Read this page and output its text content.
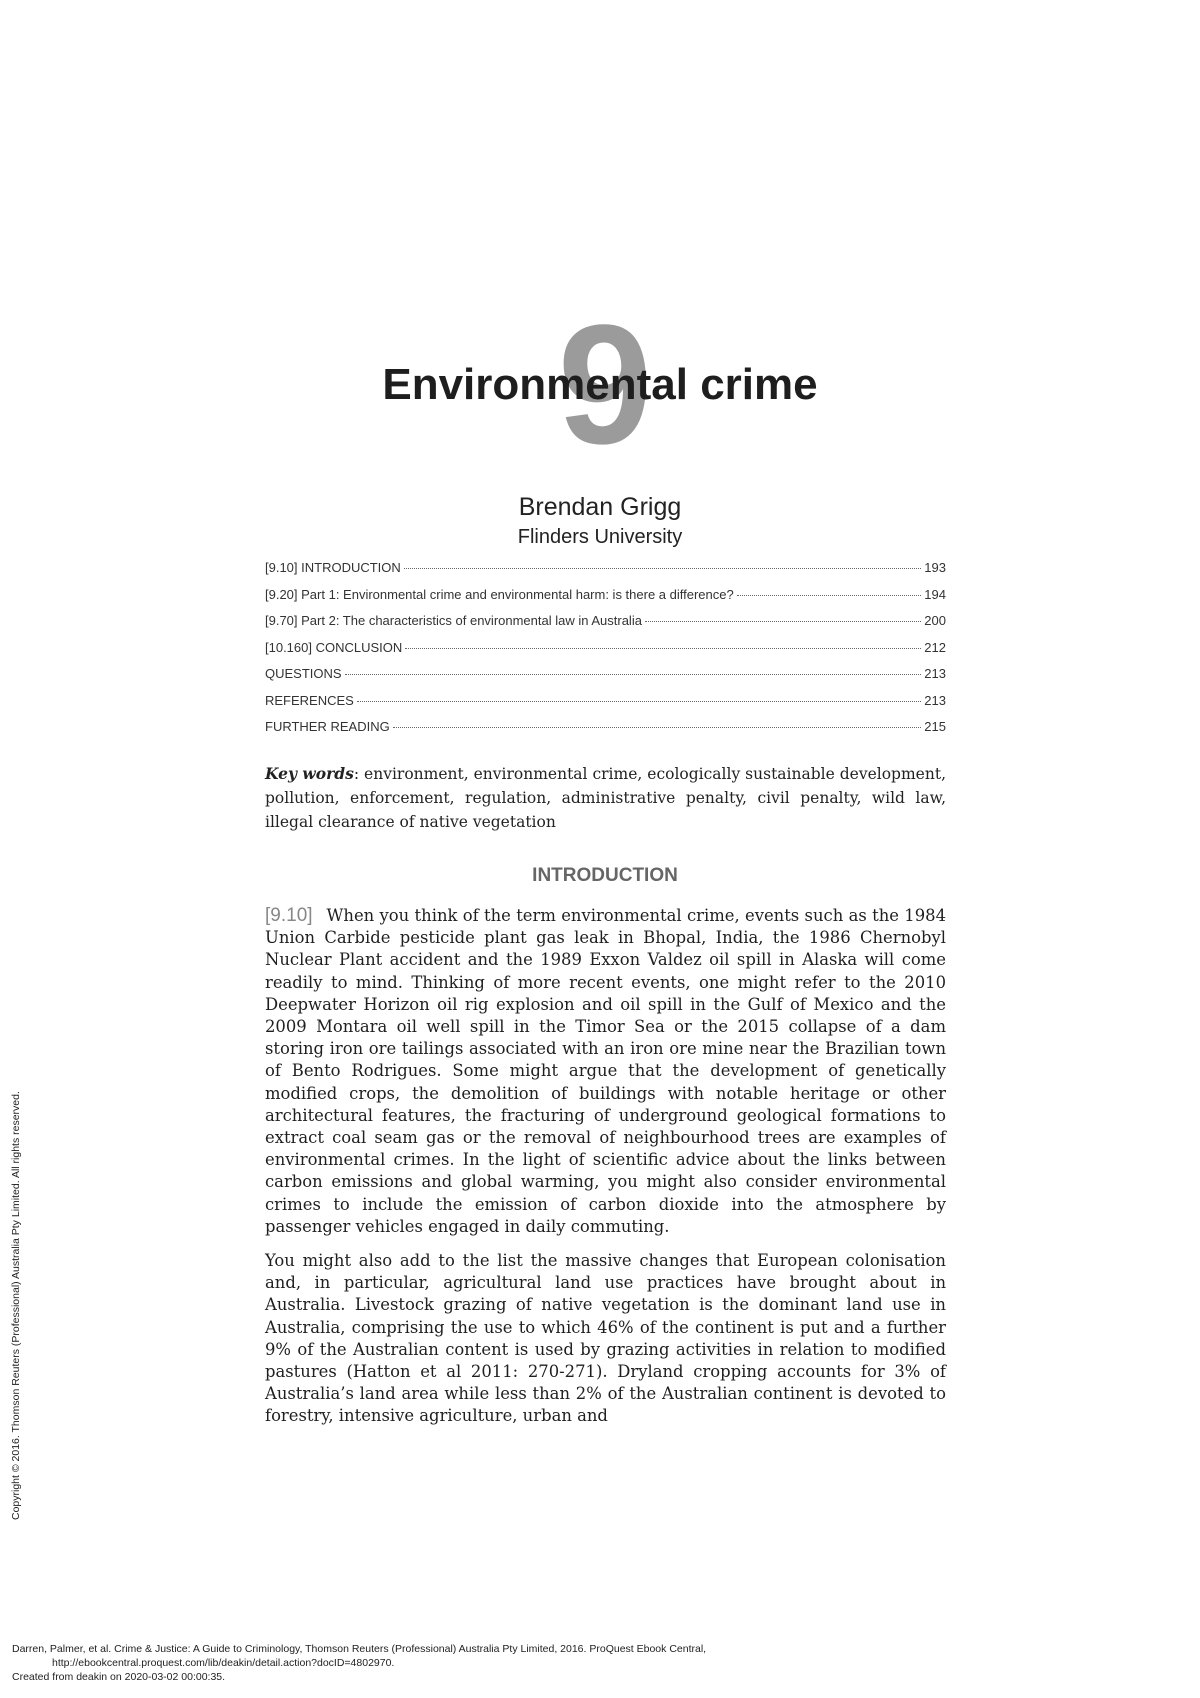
9
Environmental crime
Brendan Grigg
Flinders University
[9.10] INTRODUCTION	193
[9.20] Part 1: Environmental crime and environmental harm: is there a difference?	194
[9.70] Part 2: The characteristics of environmental law in Australia	200
[10.160] CONCLUSION	212
QUESTIONS	213
REFERENCES	213
FURTHER READING	215
Key words: environment, environmental crime, ecologically sustainable development, pollution, enforcement, regulation, administrative penalty, civil penalty, wild law, illegal clearance of native vegetation
INTRODUCTION

[9.10] When you think of the term environmental crime, events such as the 1984 Union Carbide pesticide plant gas leak in Bhopal, India, the 1986 Chernobyl Nuclear Plant accident and the 1989 Exxon Valdez oil spill in Alaska will come readily to mind. Thinking of more recent events, one might refer to the 2010 Deepwater Horizon oil rig explosion and oil spill in the Gulf of Mexico and the 2009 Montara oil well spill in the Timor Sea or the 2015 collapse of a dam storing iron ore tailings associated with an iron ore mine near the Brazilian town of Bento Rodrigues. Some might argue that the development of genetically modified crops, the demolition of buildings with notable heritage or other architectural features, the fracturing of underground geological formations to extract coal seam gas or the removal of neighbourhood trees are examples of environmental crimes. In the light of scientific advice about the links between carbon emissions and global warming, you might also consider environmental crimes to include the emission of carbon dioxide into the atmosphere by passenger vehicles engaged in daily commuting.

You might also add to the list the massive changes that European colonisation and, in particular, agricultural land use practices have brought about in Australia. Livestock grazing of native vegetation is the dominant land use in Australia, comprising the use to which 46% of the continent is put and a further 9% of the Australian content is used by grazing activities in relation to modified pastures (Hatton et al 2011: 270-271). Dryland cropping accounts for 3% of Australia’s land area while less than 2% of the Australian continent is devoted to forestry, intensive agriculture, urban and

Copyright © 2016. Thomson Reuters (Professional) Australia Pty Limited. All rights reserved.
Darren, Palmer, et al. Crime & Justice: A Guide to Criminology, Thomson Reuters (Professional) Australia Pty Limited, 2016. ProQuest Ebook Central,
http://ebookcentral.proquest.com/lib/deakin/detail.action?docID=4802970.
Created from deakin on 2020-03-02 00:00:35.
